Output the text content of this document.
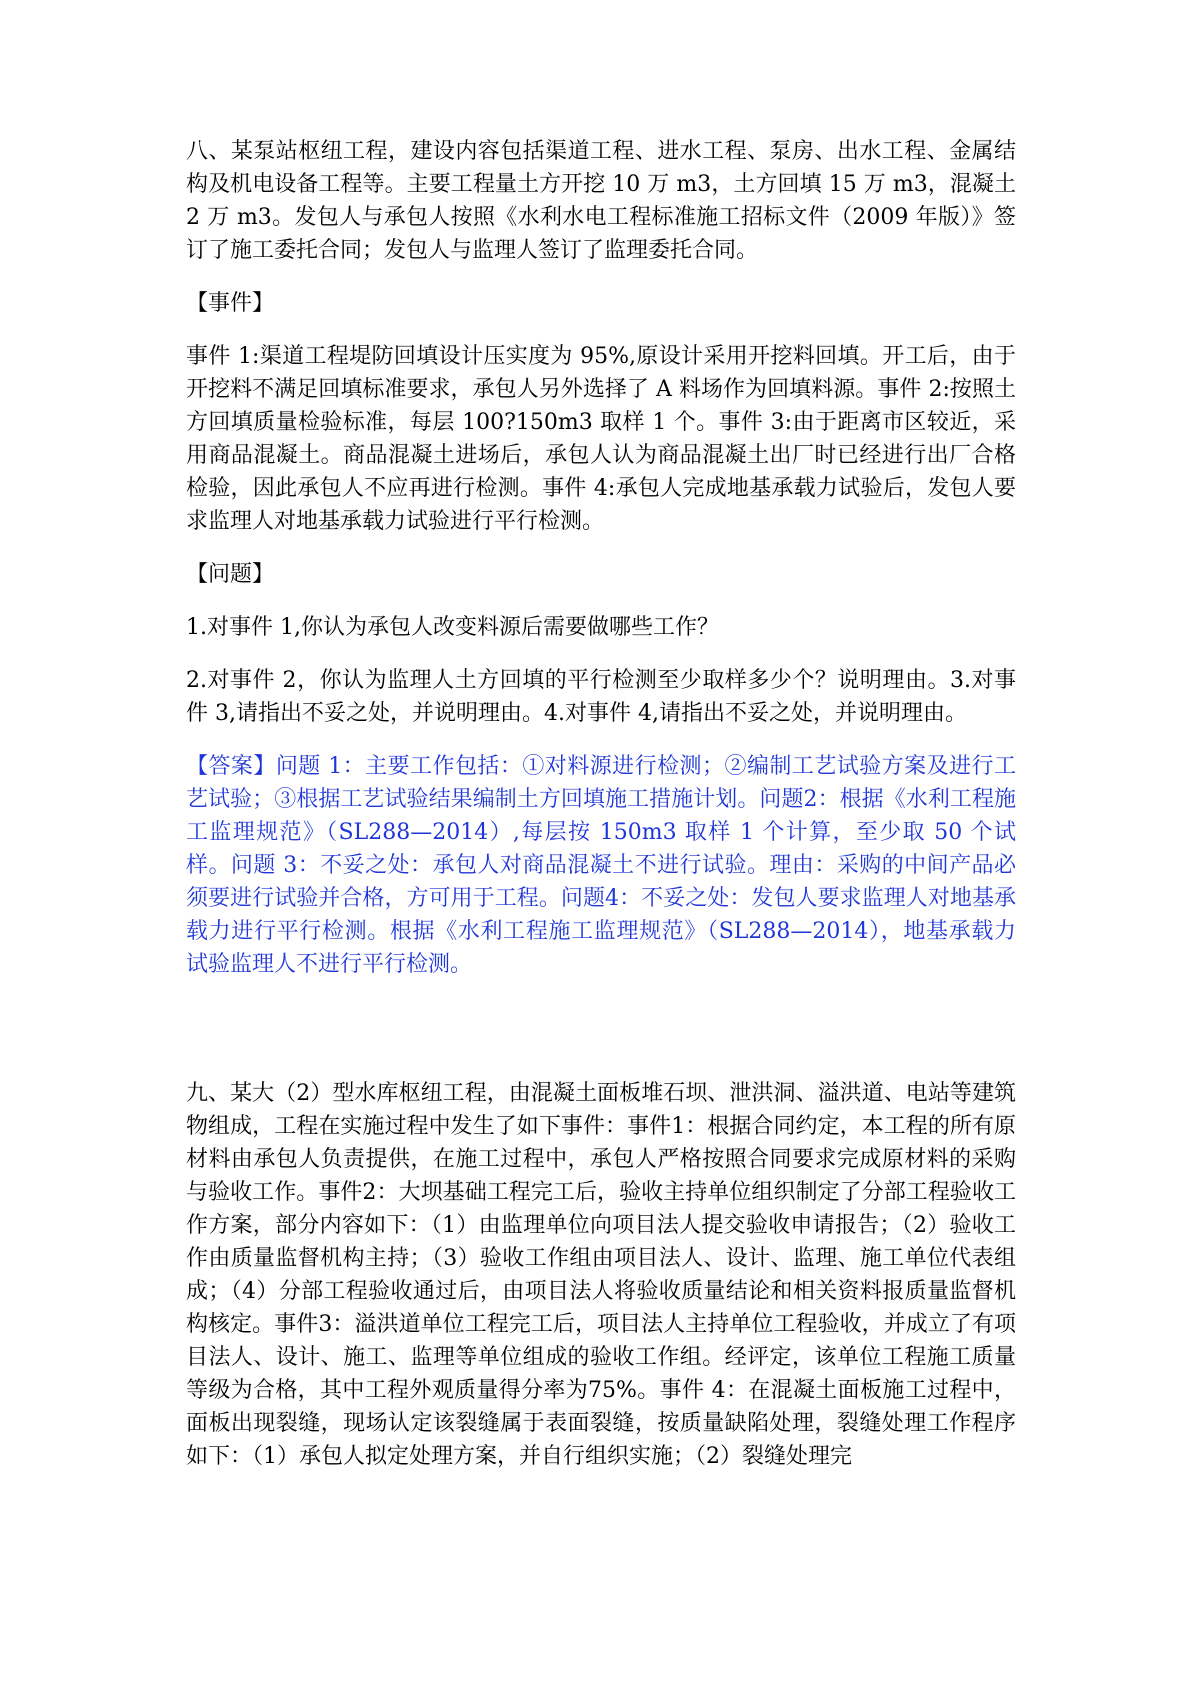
八、某泵站枢纽工程，建设内容包括渠道工程、进水工程、泵房、出水工程、金属结构及机电设备工程等。主要工程量土方开挖 10 万 m3，土方回填 15 万 m3，混凝土 2 万 m3。发包人与承包人按照《水利水电工程标准施工招标文件（2009 年版）》签订了施工委托合同；发包人与监理人签订了监理委托合同。

【事件】

事件 1:渠道工程堤防回填设计压实度为 95%,原设计采用开挖料回填。开工后，由于开挖料不满足回填标准要求，承包人另外选择了 A 料场作为回填料源。事件 2:按照土方回填质量检验标准，每层 100?150m3 取样 1 个。事件 3:由于距离市区较近，采用商品混凝土。商品混凝土进场后，承包人认为商品混凝土出厂时已经进行出厂合格检验，因此承包人不应再进行检测。事件 4:承包人完成地基承载力试验后，发包人要求监理人对地基承载力试验进行平行检测。

【问题】

1.对事件 1,你认为承包人改变料源后需要做哪些工作？

2.对事件 2，你认为监理人土方回填的平行检测至少取样多少个？说明理由。3.对事件 3,请指出不妥之处，并说明理由。4.对事件 4,请指出不妥之处，并说明理由。

【答案】问题 1：主要工作包括：①对料源进行检测；②编制工艺试验方案及进行工艺试验；③根据工艺试验结果编制土方回填施工措施计划。问题2：根据《水利工程施工监理规范》（SL288—2014）,每层按 150m3 取样 1 个计算，至少取 50 个试样。问题 3：不妥之处：承包人对商品混凝土不进行试验。理由：采购的中间产品必须要进行试验并合格，方可用于工程。问题4：不妥之处：发包人要求监理人对地基承载力进行平行检测。根据《水利工程施工监理规范》（SL288—2014），地基承载力试验监理人不进行平行检测。

九、某大（2）型水库枢纽工程，由混凝土面板堆石坝、泄洪洞、溢洪道、电站等建筑物组成，工程在实施过程中发生了如下事件：事件1：根据合同约定，本工程的所有原材料由承包人负责提供，在施工过程中，承包人严格按照合同要求完成原材料的采购与验收工作。事件2：大坝基础工程完工后，验收主持单位组织制定了分部工程验收工作方案，部分内容如下：（1）由监理单位向项目法人提交验收申请报告；（2）验收工作由质量监督机构主持；（3）验收工作组由项目法人、设计、监理、施工单位代表组成；（4）分部工程验收通过后，由项目法人将验收质量结论和相关资料报质量监督机构核定。事件3：溢洪道单位工程完工后，项目法人主持单位工程验收，并成立了有项目法人、设计、施工、监理等单位组成的验收工作组。经评定，该单位工程施工质量等级为合格，其中工程外观质量得分率为75%。事件 4：在混凝土面板施工过程中，面板出现裂缝，现场认定该裂缝属于表面裂缝，按质量缺陷处理，裂缝处理工作程序如下：（1）承包人拟定处理方案，并自行组织实施；（2）裂缝处理完
